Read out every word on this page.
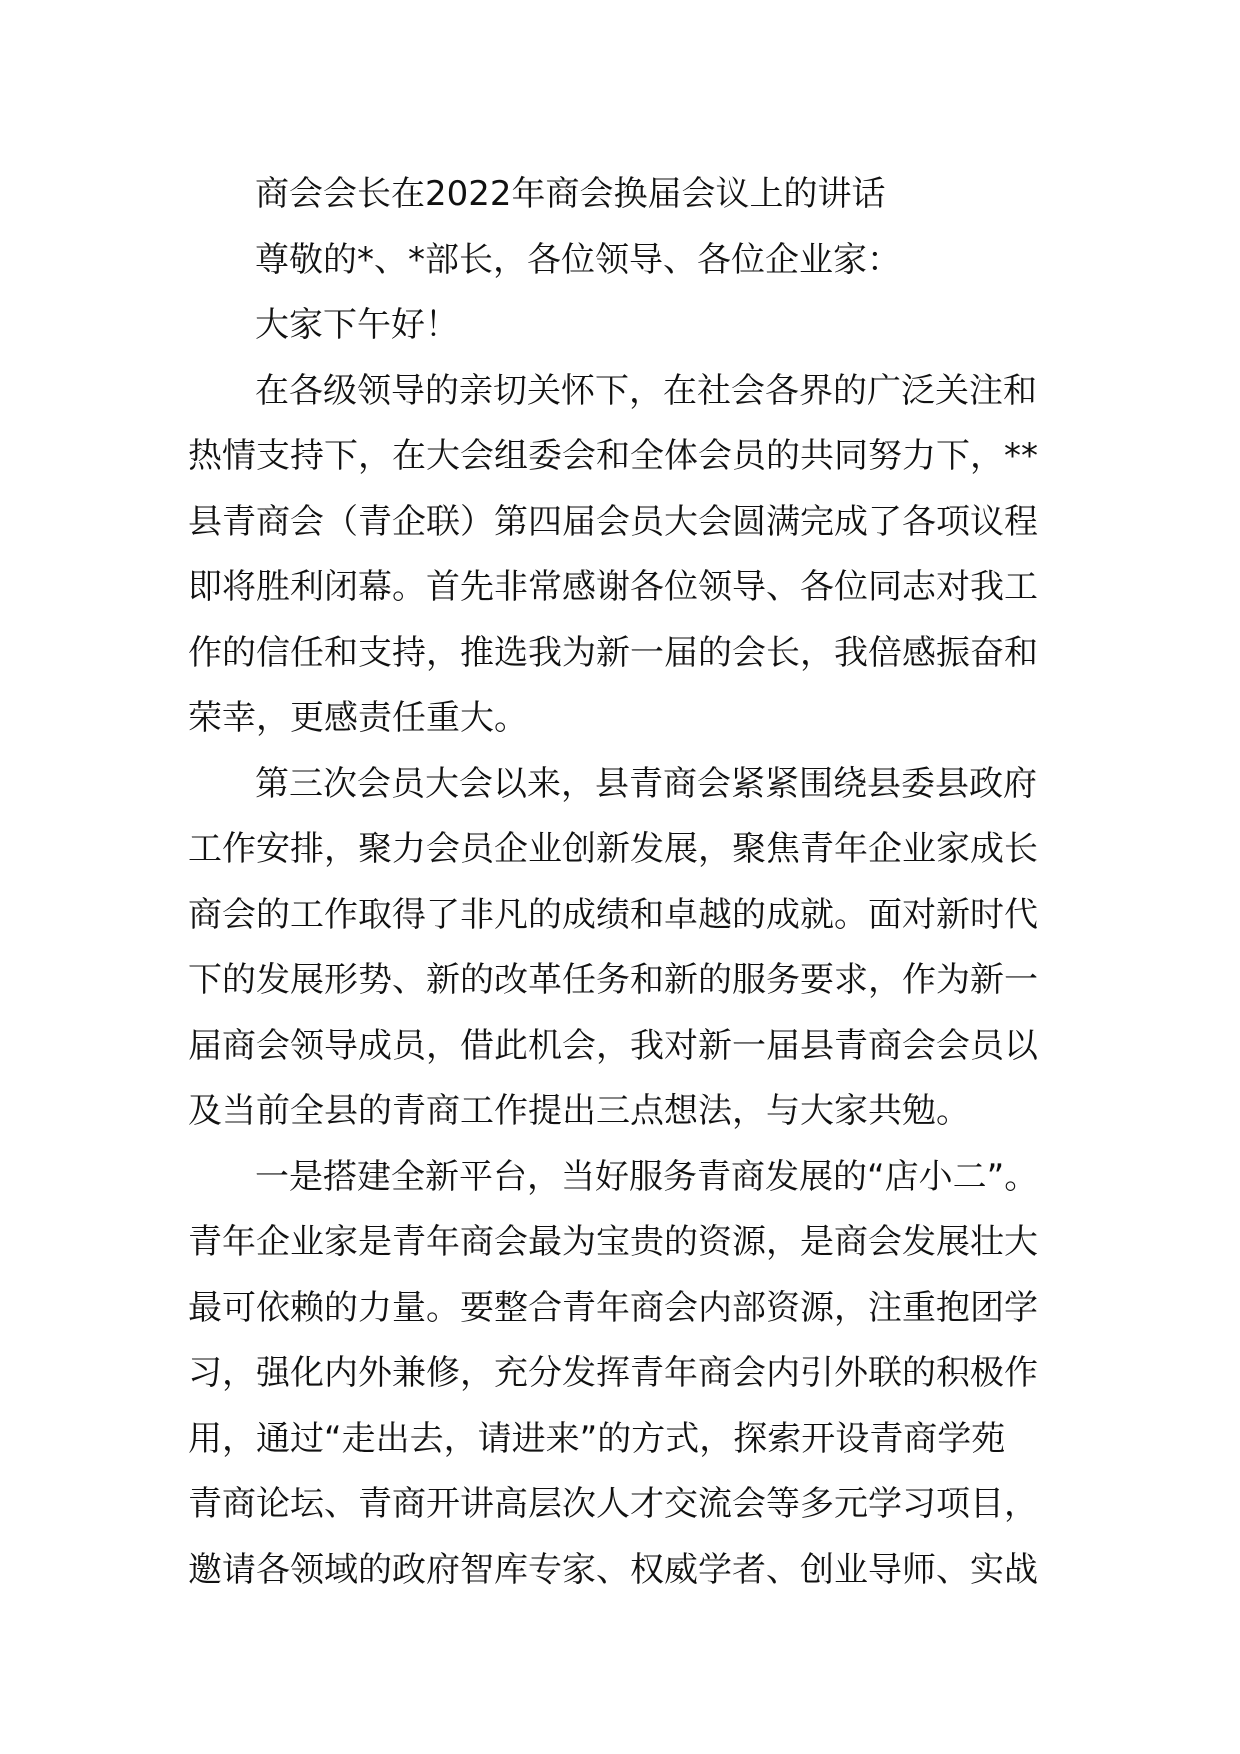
商会会长在2022年商会换届会议上的讲话
尊敬的*、*部长，各位领导、各位企业家：
大家下午好！
在各级领导的亲切关怀下，在社会各界的广泛关注和
热情支持下，在大会组委会和全体会员的共同努力下，**
县青商会（青企联）第四届会员大会圆满完成了各项议程
即将胜利闭幕。首先非常感谢各位领导、各位同志对我工
作的信任和支持，推选我为新一届的会长，我倍感振奋和
荣幸，更感责任重大。
第三次会员大会以来，县青商会紧紧围绕县委县政府
工作安排，聚力会员企业创新发展，聚焦青年企业家成长
商会的工作取得了非凡的成绩和卓越的成就。面对新时代
下的发展形势、新的改革任务和新的服务要求，作为新一
届商会领导成员，借此机会，我对新一届县青商会会员以
及当前全县的青商工作提出三点想法，与大家共勉。
一是搭建全新平台，当好服务青商发展的“店小二”。
青年企业家是青年商会最为宝贵的资源，是商会发展壮大
最可依赖的力量。要整合青年商会内部资源，注重抱团学
习，强化内外兼修，充分发挥青年商会内引外联的积极作
用，通过“走出去，请进来”的方式，探索开设青商学苑
青商论坛、青商开讲高层次人才交流会等多元学习项目，
邀请各领域的政府智库专家、权威学者、创业导师、实战
